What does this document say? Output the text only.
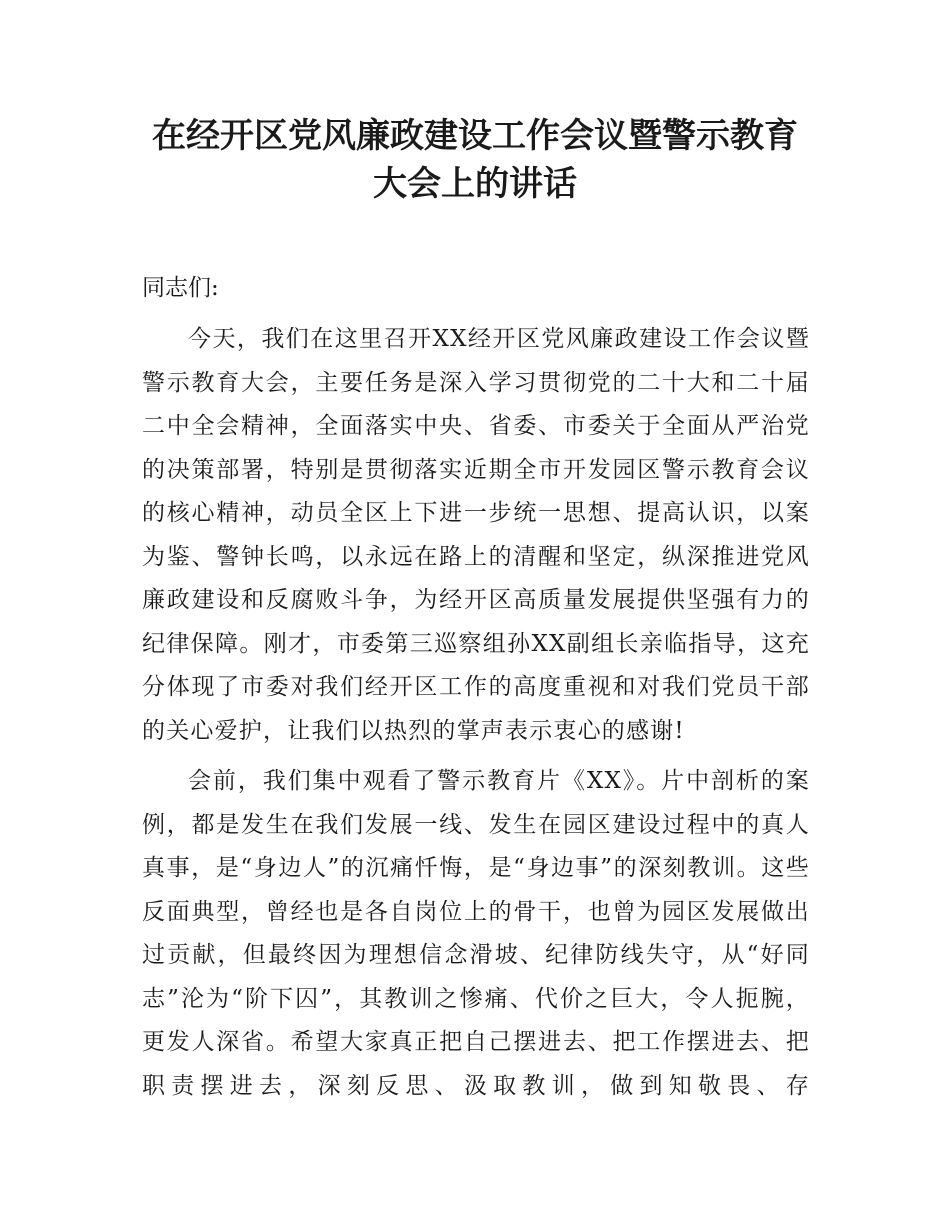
在经开区党风廉政建设工作会议暨警示教育
大会上的讲话

同志们:

今天，我们在这里召开XX经开区党风廉政建设工作会议暨警示教育大会，主要任务是深入学习贯彻党的二十大和二十届二中全会精神，全面落实中央、省委、市委关于全面从严治党的决策部署，特别是贯彻落实近期全市开发园区警示教育会议的核心精神，动员全区上下进一步统一思想、提高认识，以案为鉴、警钟长鸣，以永远在路上的清醒和坚定，纵深推进党风廉政建设和反腐败斗争，为经开区高质量发展提供坚强有力的纪律保障。刚才，市委第三巡察组孙XX副组长亲临指导，这充分体现了市委对我们经开区工作的高度重视和对我们党员干部的关心爱护，让我们以热烈的掌声表示衷心的感谢!

会前，我们集中观看了警示教育片《XX》。片中剖析的案例，都是发生在我们发展一线、发生在园区建设过程中的真人真事，是“身边人”的沉痛忏悔，是“身边事”的深刻教训。这些反面典型，曾经也是各自岗位上的骨干，也曾为园区发展做出过贡献，但最终因为理想信念滑坡、纪律防线失守，从“好同志”沦为“阶下囚”，其教训之惨痛、代价之巨大，令人扼腕，更发人深省。希望大家真正把自己摆进去、把工作摆进去、把职责摆进去，深刻反思、汲取教训，做到知敬畏、存
